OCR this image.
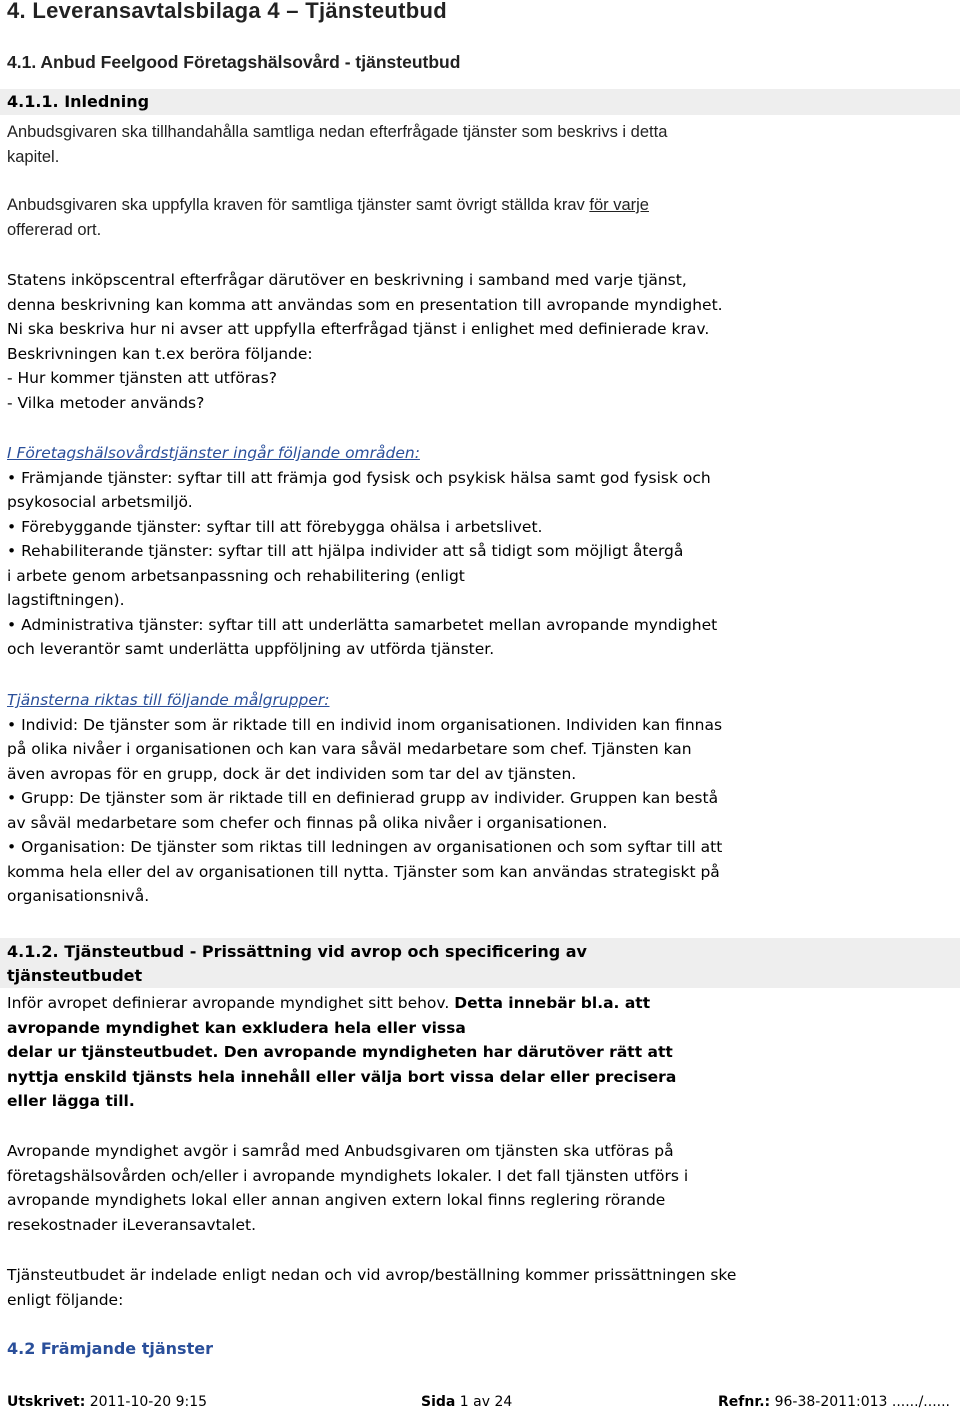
4. Leveransavtalsbilaga 4 – Tjänsteutbud
4.1. Anbud Feelgood Företagshälsovård - tjänsteutbud
4.1.1. Inledning
Anbudsgivaren ska tillhandahålla samtliga nedan efterfrågade tjänster som beskrivs i detta
kapitel.
Anbudsgivaren ska uppfylla kraven för samtliga tjänster samt övrigt ställda krav för varje
offererad ort.
Statens inköpscentral efterfrågar därutöver en beskrivning i samband med varje tjänst,
denna beskrivning kan komma att användas som en presentation till avropande myndighet.
Ni ska beskriva hur ni avser att uppfylla efterfrågad tjänst i enlighet med definierade krav.
Beskrivningen kan t.ex beröra följande:
- Hur kommer tjänsten att utföras?
- Vilka metoder används?
I Företagshälsovårdstjänster ingår följande områden:
• Främjande tjänster: syftar till att främja god fysisk och psykisk hälsa samt god fysisk och
psykosocial arbetsmiljö.
• Förebyggande tjänster: syftar till att förebygga ohälsa i arbetslivet.
• Rehabiliterande tjänster: syftar till att hjälpa individer att så tidigt som möjligt återgå
i arbete genom arbetsanpassning och rehabilitering (enligt
lagstiftningen).
• Administrativa tjänster: syftar till att underlätta samarbetet mellan avropande myndighet
och leverantör samt underlätta uppföljning av utförda tjänster.
Tjänsterna riktas till följande målgrupper:
• Individ: De tjänster som är riktade till en individ inom organisationen. Individen kan finnas
på olika nivåer i organisationen och kan vara såväl medarbetare som chef. Tjänsten kan
även avropas för en grupp, dock är det individen som tar del av tjänsten.
• Grupp: De tjänster som är riktade till en definierad grupp av individer. Gruppen kan bestå
av såväl medarbetare som chefer och finnas på olika nivåer i organisationen.
• Organisation: De tjänster som riktas till ledningen av organisationen och som syftar till att
komma hela eller del av organisationen till nytta. Tjänster som kan användas strategiskt på
organisationsnivå.
4.1.2. Tjänsteutbud - Prissättning vid avrop och specificering av
tjänsteutbudet
Inför avropet definierar avropande myndighet sitt behov. Detta innebär bl.a. att
avropande myndighet kan exkludera hela eller vissa
delar ur tjänsteutbudet. Den avropande myndigheten har därutöver rätt att
nyttja enskild tjänsts hela innehåll eller välja bort vissa delar eller precisera
eller lägga till.
Avropande myndighet avgör i samråd med Anbudsgivaren om tjänsten ska utföras på
företagshälsovården och/eller i avropande myndighets lokaler. I det fall tjänsten utförs i
avropande myndighets lokal eller annan angiven extern lokal finns reglering rörande
resekostnader iLeveransavtalet.
Tjänsteutbudet är indelade enligt nedan och vid avrop/beställning kommer prissättningen ske
enligt följande:
4.2 Främjande tjänster
Utskrivet: 2011-10-20 9:15	Sida 1 av 24	Refnr.: 96-38-2011:013 ....../......
